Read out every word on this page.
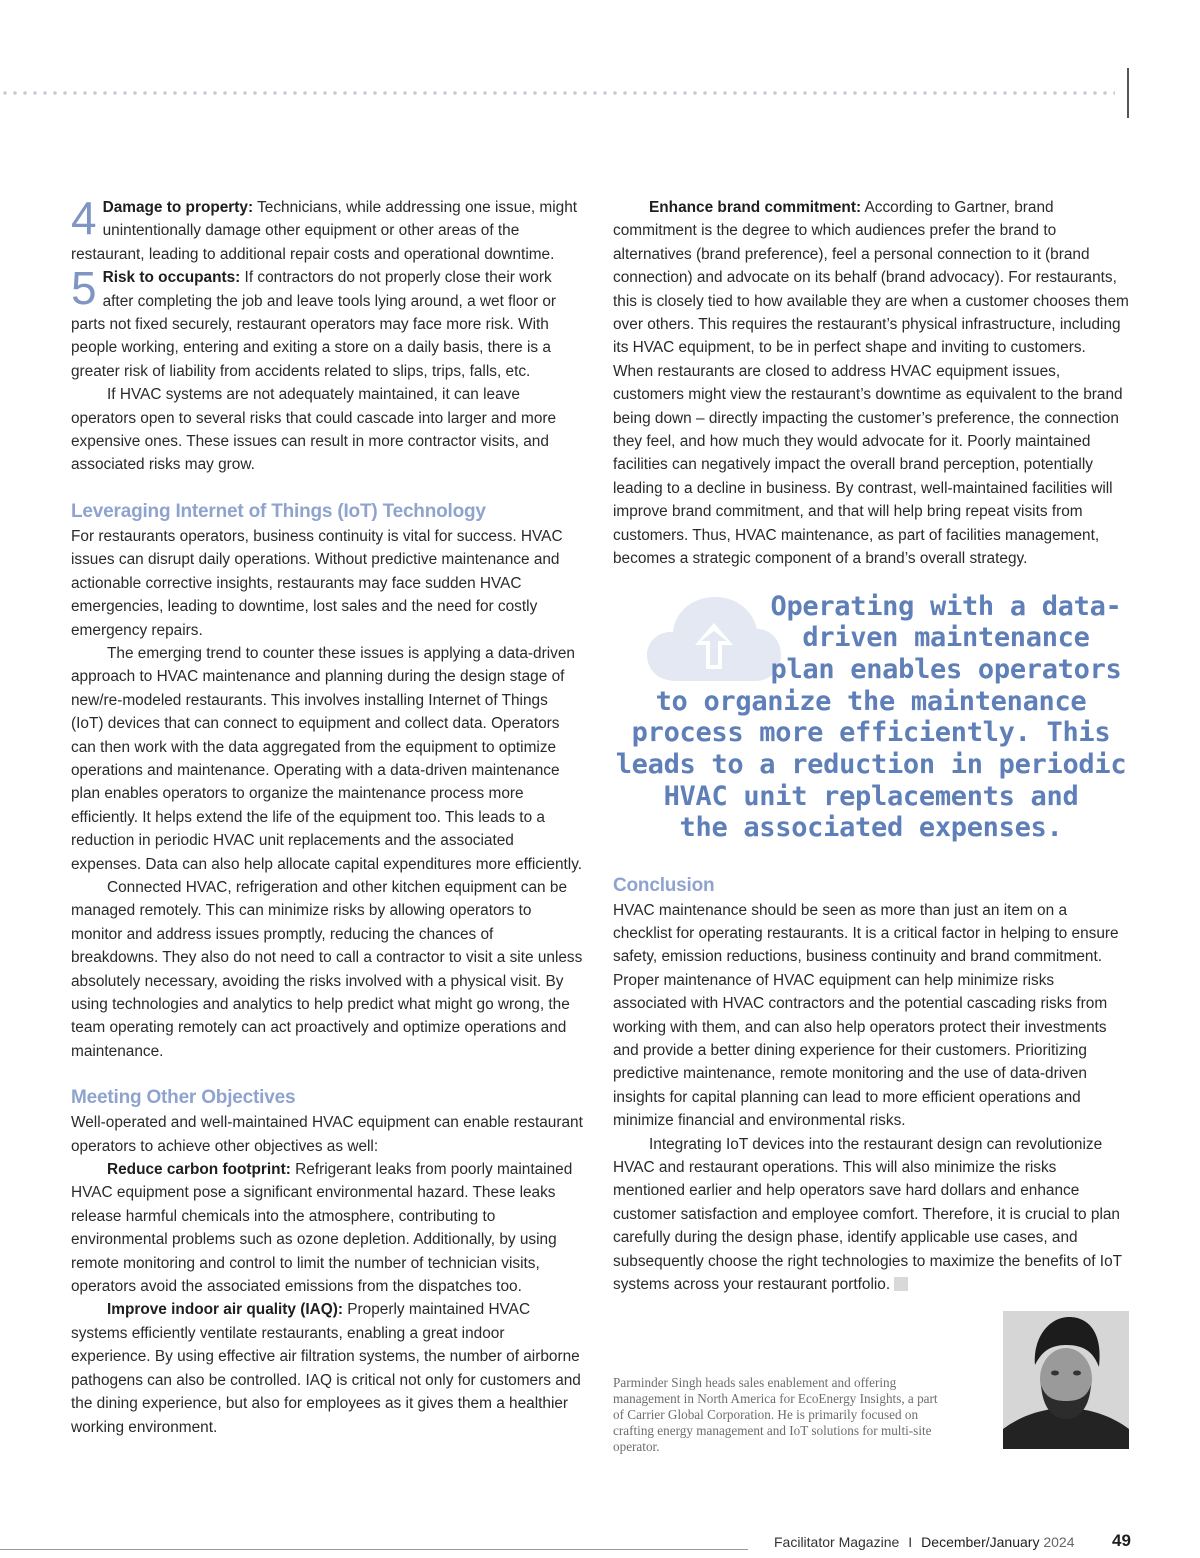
4 Damage to property: Technicians, while addressing one issue, might unintentionally damage other equipment or other areas of the restaurant, leading to additional repair costs and operational downtime.

5 Risk to occupants: If contractors do not properly close their work after completing the job and leave tools lying around, a wet floor or parts not fixed securely, restaurant operators may face more risk. With people working, entering and exiting a store on a daily basis, there is a greater risk of liability from accidents related to slips, trips, falls, etc.

If HVAC systems are not adequately maintained, it can leave operators open to several risks that could cascade into larger and more expensive ones. These issues can result in more contractor visits, and associated risks may grow.

Leveraging Internet of Things (IoT) Technology

For restaurants operators, business continuity is vital for success. HVAC issues can disrupt daily operations. Without predictive maintenance and actionable corrective insights, restaurants may face sudden HVAC emergencies, leading to downtime, lost sales and the need for costly emergency repairs.

The emerging trend to counter these issues is applying a data-driven approach to HVAC maintenance and planning during the design stage of new/re-modeled restaurants. This involves installing Internet of Things (IoT) devices that can connect to equipment and collect data. Operators can then work with the data aggregated from the equipment to optimize operations and maintenance. Operating with a data-driven maintenance plan enables operators to organize the maintenance process more efficiently. It helps extend the life of the equipment too. This leads to a reduction in periodic HVAC unit replacements and the associated expenses. Data can also help allocate capital expenditures more efficiently.

Connected HVAC, refrigeration and other kitchen equipment can be managed remotely. This can minimize risks by allowing operators to monitor and address issues promptly, reducing the chances of breakdowns. They also do not need to call a contractor to visit a site unless absolutely necessary, avoiding the risks involved with a physical visit. By using technologies and analytics to help predict what might go wrong, the team operating remotely can act proactively and optimize operations and maintenance.

Meeting Other Objectives

Well-operated and well-maintained HVAC equipment can enable restaurant operators to achieve other objectives as well:

Reduce carbon footprint: Refrigerant leaks from poorly maintained HVAC equipment pose a significant environmental hazard. These leaks release harmful chemicals into the atmosphere, contributing to environmental problems such as ozone depletion. Additionally, by using remote monitoring and control to limit the number of technician visits, operators avoid the associated emissions from the dispatches too.

Improve indoor air quality (IAQ): Properly maintained HVAC systems efficiently ventilate restaurants, enabling a great indoor experience. By using effective air filtration systems, the number of airborne pathogens can also be controlled. IAQ is critical not only for customers and the dining experience, but also for employees as it gives them a healthier working environment.

Enhance brand commitment: According to Gartner, brand commitment is the degree to which audiences prefer the brand to alternatives (brand preference), feel a personal connection to it (brand connection) and advocate on its behalf (brand advocacy). For restaurants, this is closely tied to how available they are when a customer chooses them over others. This requires the restaurant’s physical infrastructure, including its HVAC equipment, to be in perfect shape and inviting to customers. When restaurants are closed to address HVAC equipment issues, customers might view the restaurant’s downtime as equivalent to the brand being down – directly impacting the customer’s preference, the connection they feel, and how much they would advocate for it. Poorly maintained facilities can negatively impact the overall brand perception, potentially leading to a decline in business. By contrast, well-maintained facilities will improve brand commitment, and that will help bring repeat visits from customers. Thus, HVAC maintenance, as part of facilities management, becomes a strategic component of a brand’s overall strategy.

Operating with a data-
driven maintenance
plan enables operators
to organize the maintenance
process more efficiently. This
leads to a reduction in periodic
HVAC unit replacements and
the associated expenses.
Conclusion

HVAC maintenance should be seen as more than just an item on a checklist for operating restaurants. It is a critical factor in helping to ensure safety, emission reductions, business continuity and brand commitment. Proper maintenance of HVAC equipment can help minimize risks associated with HVAC contractors and the potential cascading risks from working with them, and can also help operators protect their investments and provide a better dining experience for their customers. Prioritizing predictive maintenance, remote monitoring and the use of data-driven insights for capital planning can lead to more efficient operations and minimize financial and environmental risks.

Integrating IoT devices into the restaurant design can revolutionize HVAC and restaurant operations. This will also minimize the risks mentioned earlier and help operators save hard dollars and enhance customer satisfaction and employee comfort. Therefore, it is crucial to plan carefully during the design phase, identify applicable use cases, and subsequently choose the right technologies to maximize the benefits of IoT systems across your restaurant portfolio.

Parminder Singh heads sales enablement and offering management in North America for EcoEnergy Insights, a part of Carrier Global Corporation. He is primarily focused on crafting energy management and IoT solutions for multi-site operator.
Facilitator Magazine I December/January 2024 49
